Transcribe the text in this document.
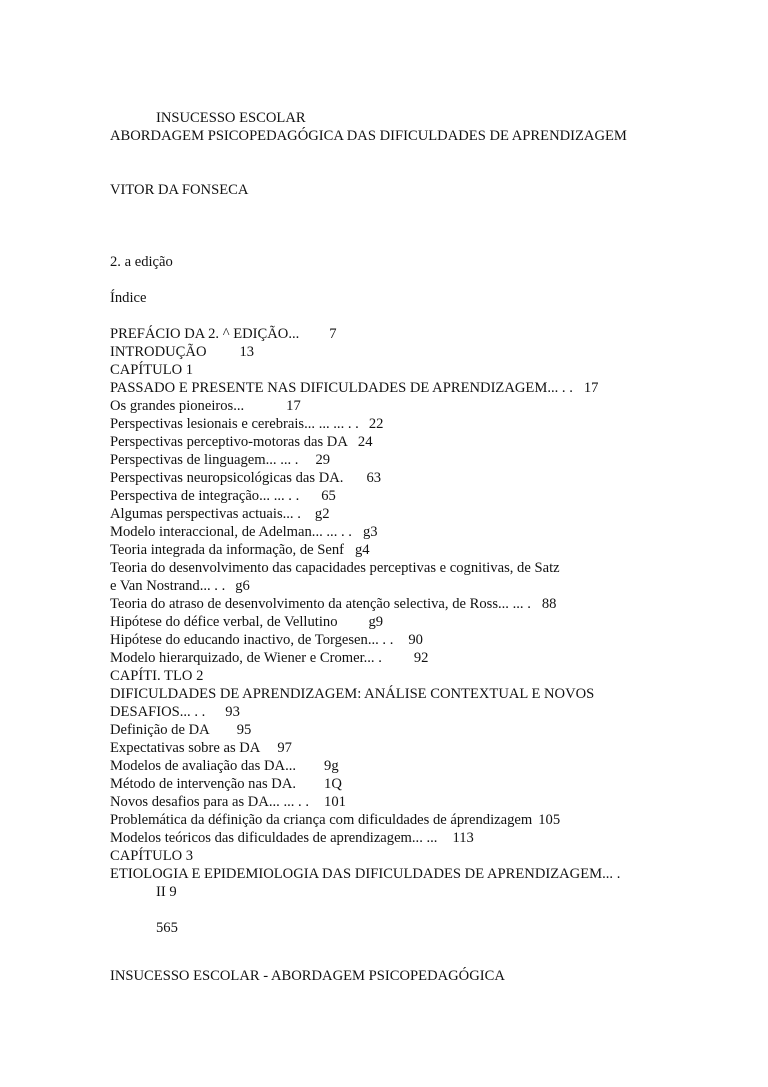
INSUCESSO ESCOLAR
ABORDAGEM PSICOPEDAGÓGICA DAS DIFICULDADES DE APRENDIZAGEM
VITOR DA FONSECA
2. a edição
Índice
PREFÁCIO DA 2. ^ EDIÇÃO... 7
INTRODUÇÃO 13
CAPÍTULO 1
PASSADO E PRESENTE NAS DIFICULDADES DE APRENDIZAGEM... . . 17
Os grandes pioneiros...	17
Perspectivas lesionais e cerebrais... ... ... . . 22
Perspectivas perceptivo-motoras das DA 24
Perspectivas de linguagem... ... . 29
Perspectivas neuropsicológicas das DA. 63
Perspectiva de integração... ... . . 65
Algumas perspectivas actuais... . g2
Modelo interaccional, de Adelman... ... . . g3
Teoria integrada da informação, de Senf g4
Teoria do desenvolvimento das capacidades perceptivas e cognitivas, de Satz
e Van Nostrand... . . g6
Teoria do atraso de desenvolvimento da atenção selectiva, de Ross... ... . 88
Hipótese do défice verbal, de Vellutino g9
Hipótese do educando inactivo, de Torgesen... . . 90
Modelo hierarquizado, de Wiener e Cromer... . 92
CAPÍTI. TLO 2
DIFICULDADES DE APRENDIZAGEM: ANÁLISE CONTEXTUAL E NOVOS
DESAFIOS... . . 93
Definição de DA 95
Expectativas sobre as DA 97
Modelos de avaliação das DA... 9g
Método de intervenção nas DA. 1Q
Novos desafios para as DA... ... . . 101
Problemática da définição da criança com dificuldades de áprendizagem 105
Modelos teóricos das dificuldades de aprendizagem... ... 113
CAPÍTULO 3
ETIOLOGIA E EPIDEMIOLOGIA DAS DIFICULDADES DE APRENDIZAGEM... .
II 9
565
INSUCESSO ESCOLAR - ABORDAGEM PSICOPEDAGÓGICA
